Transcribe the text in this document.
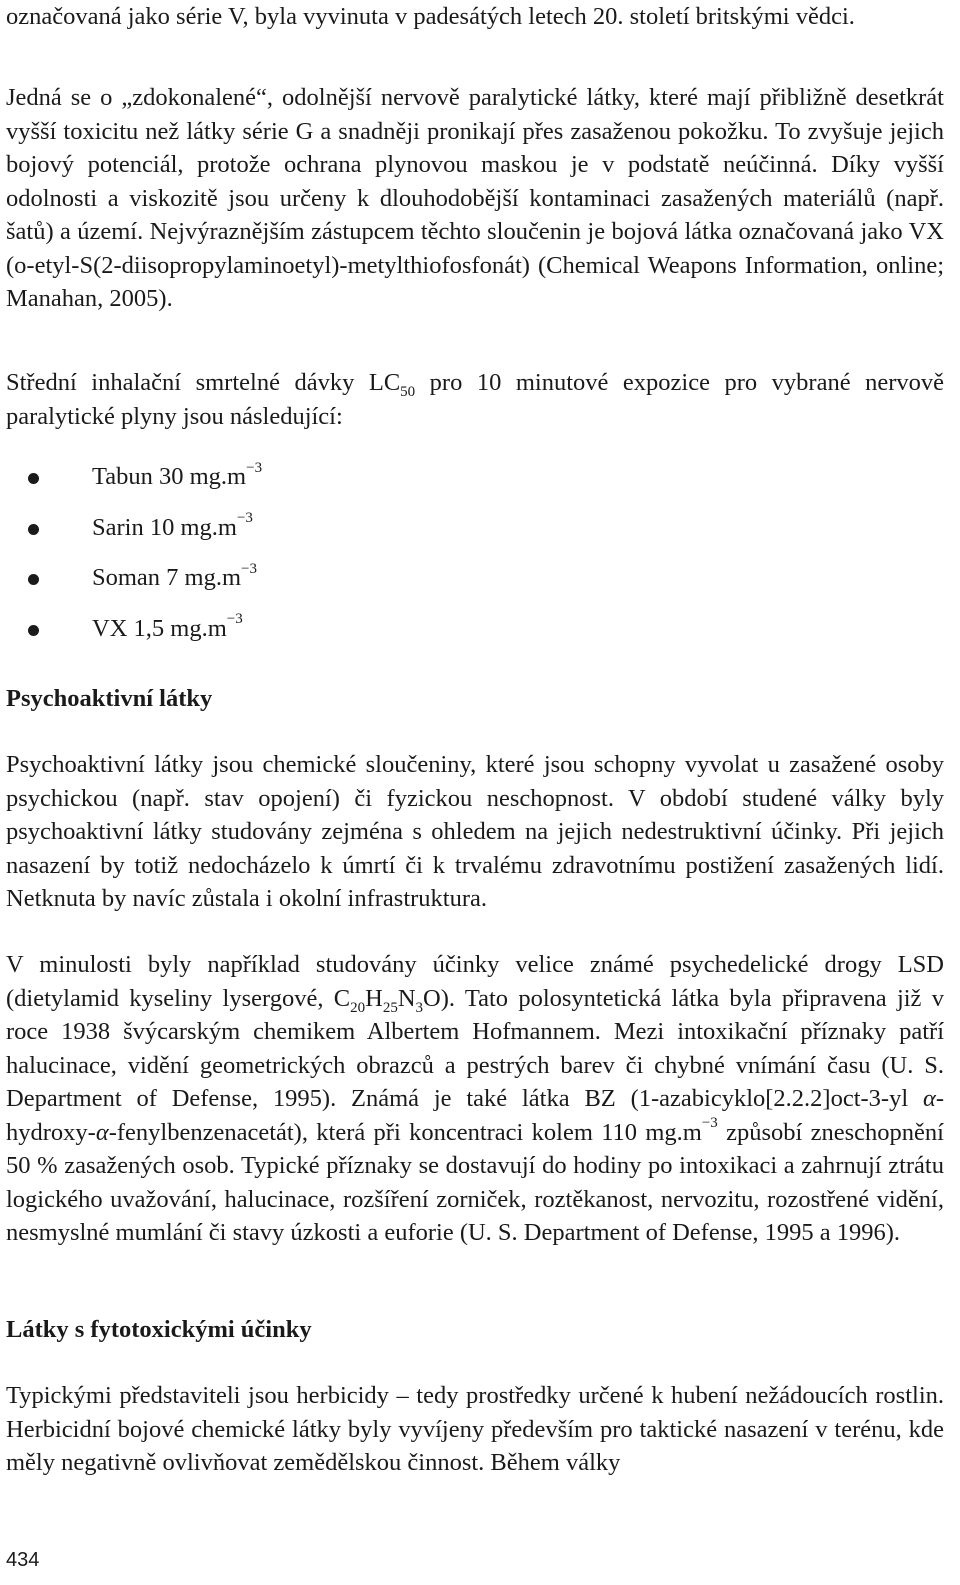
označovaná jako série V, byla vyvinuta v padesátých letech 20. století britskými vědci.

Jedná se o „zdokonalené“, odolnější nervově paralytické látky, které mají přibližně desetkrát vyšší toxicitu než látky série G a snadněji pronikají přes zasaženou pokožku. To zvyšuje jejich bojový potenciál, protože ochrana plynovou maskou je v podstatě neúčinná. Díky vyšší odolnosti a viskozitě jsou určeny k dlouhodobější kontaminaci zasažených materiálů (např. šatů) a území. Nejvýraznějším zástupcem těchto sloučenin je bojová látka označovaná jako VX (o-etyl-S(2-diisopropylaminoetyl)-metylthiofosfonát) (Chemical Weapons Information, online; Manahan, 2005).

Střední inhalační smrtelné dávky $LC_{50}$ pro 10 minutové expozice pro vybrané nervově paralytické plyny jsou následující:

Tabun 30 $mg.m^{-3}$
Sarin 10 $mg.m^{-3}$
Soman 7 $mg.m^{-3}$
VX 1,5 $mg.m^{-3}$
Psychoaktivní látky

Psychoaktivní látky jsou chemické sloučeniny, které jsou schopny vyvolat u zasažené osoby psychickou (např. stav opojení) či fyzickou neschopnost. V období studené války byly psychoaktivní látky studovány zejména s ohledem na jejich nedestruktivní účinky. Při jejich nasazení by totiž nedocházelo k úmrtí či k trvalému zdravotnímu postižení zasažených lidí. Netknuta by navíc zůstala i okolní infrastruktura.

V minulosti byly například studovány účinky velice známé psychedelické drogy LSD (dietylamid kyseliny lysergové, $C_{20}H_{25}N_3O$). Tato polosyntetická látka byla připravena již v roce 1938 švýcarským chemikem Albertem Hofmannem. Mezi intoxikační příznaky patří halucinace, vidění geometrických obrazců a pestrých barev či chybné vnímání času (U. S. Department of Defense, 1995). Známá je také látka BZ (1-azabicyklo[2.2.2]oct-3-yl α-hydroxy-α-fenylbenzenacetát), která při koncentraci kolem 110 $mg.m^{-3}$ způsobí zneschopnění 50 % zasažených osob. Typické příznaky se dostavují do hodiny po intoxikaci a zahrnují ztrátu logického uvažování, halucinace, rozšíření zorniček, roztěkanost, nervozitu, rozostřené vidění, nesmyslné mumlání či stavy úzkosti a euforie (U. S. Department of Defense, 1995 a 1996).

Látky s fytotoxickými účinky

Typickými představiteli jsou herbicidy – tedy prostředky určené k hubení nežádoucích rostlin. Herbicidní bojové chemické látky byly vyvíjeny především pro taktické nasazení v terénu, kde měly negativně ovlivňovat zemědělskou činnost. Během války

434
